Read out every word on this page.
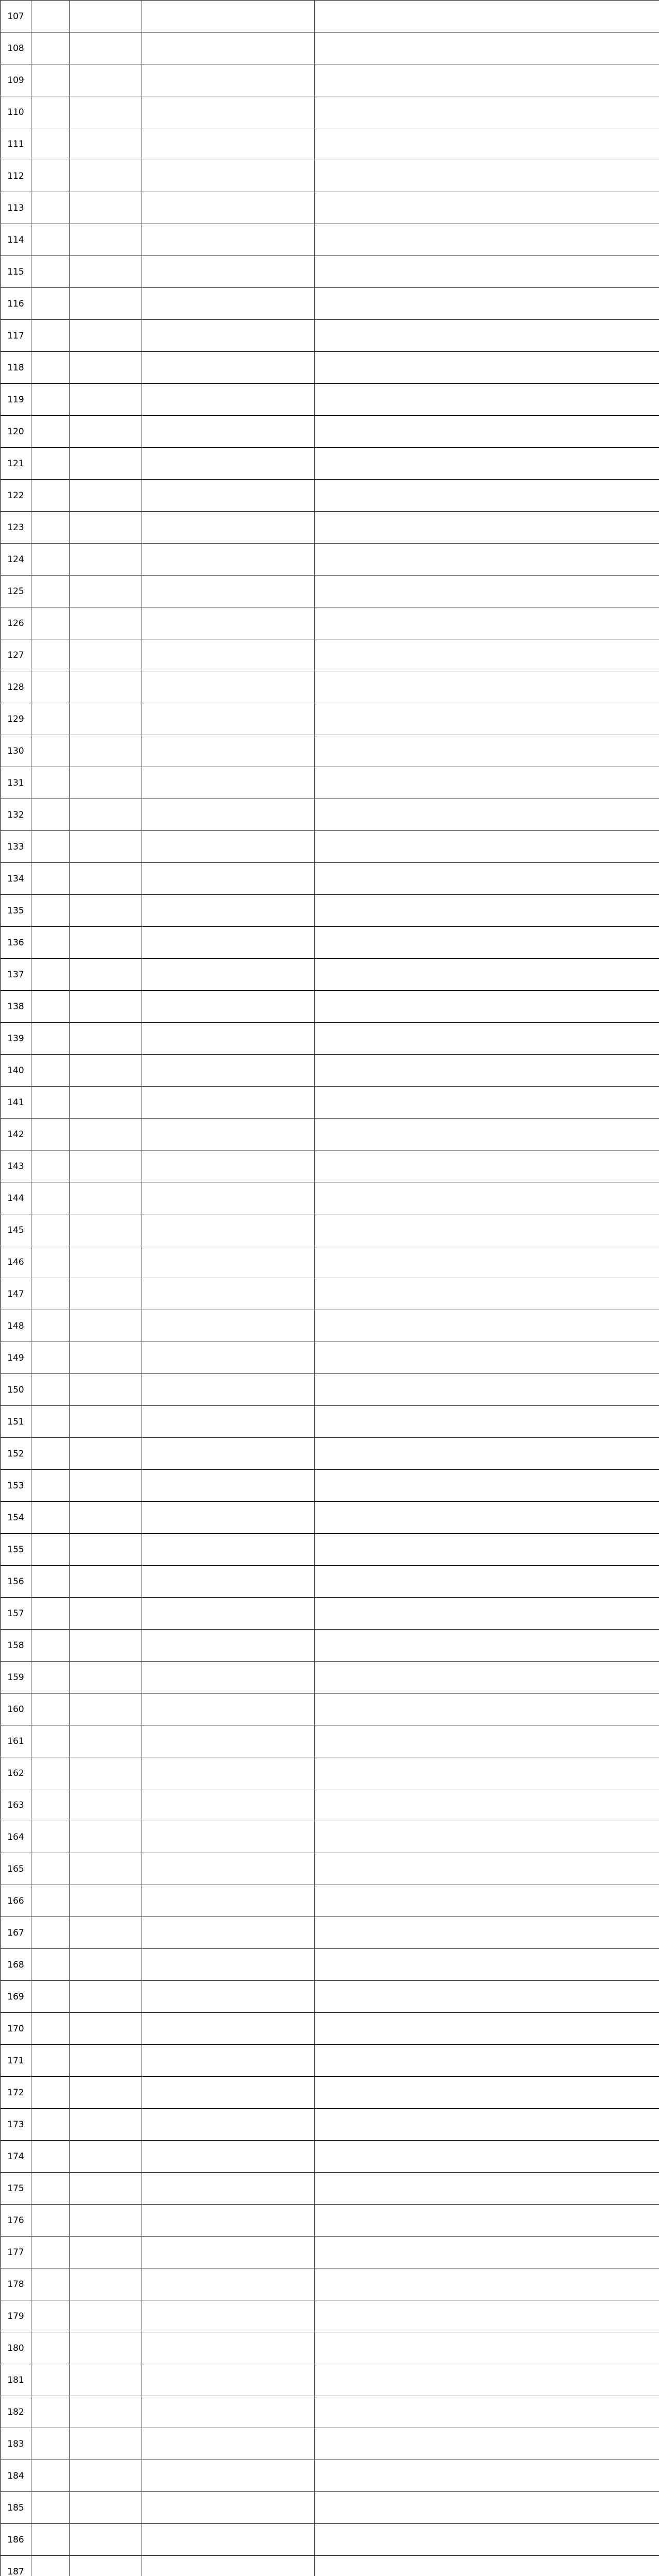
107				
108				
109				
110				
111				
112				
113				
114				
115				
116				
117				
118				
119				
120				
121				
122				
123				
124				
125				
126				
127				
128				
129				
130				
131				
132				
133				
134				
135				
136				
137				
138				
139				
140				
141				
142				
143				
144				
145				
146				
147				
148				
149				
150				
151				
152				
153				
154				
155				
156				
157				
158				
159				
160				
161				
162				
163				
164				
165				
166				
167				
168				
169				
170				
171				
172				
173				
174				
175				
176				
177				
178				
179				
180				
181				
182				
183				
184				
185				
186				
187				
